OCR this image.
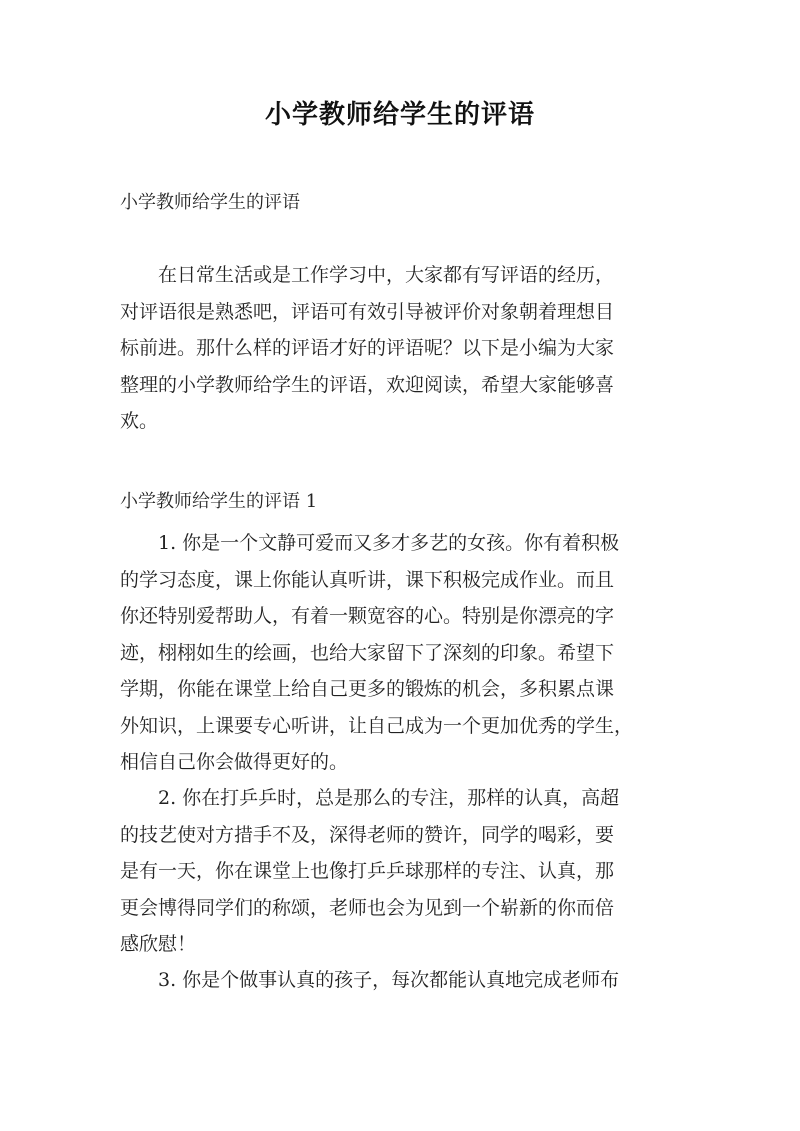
小学教师给学生的评语
小学教师给学生的评语
在日常生活或是工作学习中，大家都有写评语的经历，
对评语很是熟悉吧，评语可有效引导被评价对象朝着理想目
标前进。那什么样的评语才好的评语呢？以下是小编为大家
整理的小学教师给学生的评语，欢迎阅读，希望大家能够喜
欢。
小学教师给学生的评语 1
1. 你是一个文静可爱而又多才多艺的女孩。你有着积极
的学习态度，课上你能认真听讲，课下积极完成作业。而且
你还特别爱帮助人，有着一颗宽容的心。特别是你漂亮的字
迹，栩栩如生的绘画，也给大家留下了深刻的印象。希望下
学期，你能在课堂上给自己更多的锻炼的机会，多积累点课
外知识，上课要专心听讲，让自己成为一个更加优秀的学生，
相信自己你会做得更好的。
2. 你在打乒乒时，总是那么的专注，那样的认真，高超
的技艺使对方措手不及，深得老师的赞许，同学的喝彩，要
是有一天，你在课堂上也像打乒乒球那样的专注、认真，那
更会博得同学们的称颂，老师也会为见到一个崭新的你而倍
感欣慰！
3. 你是个做事认真的孩子，每次都能认真地完成老师布
